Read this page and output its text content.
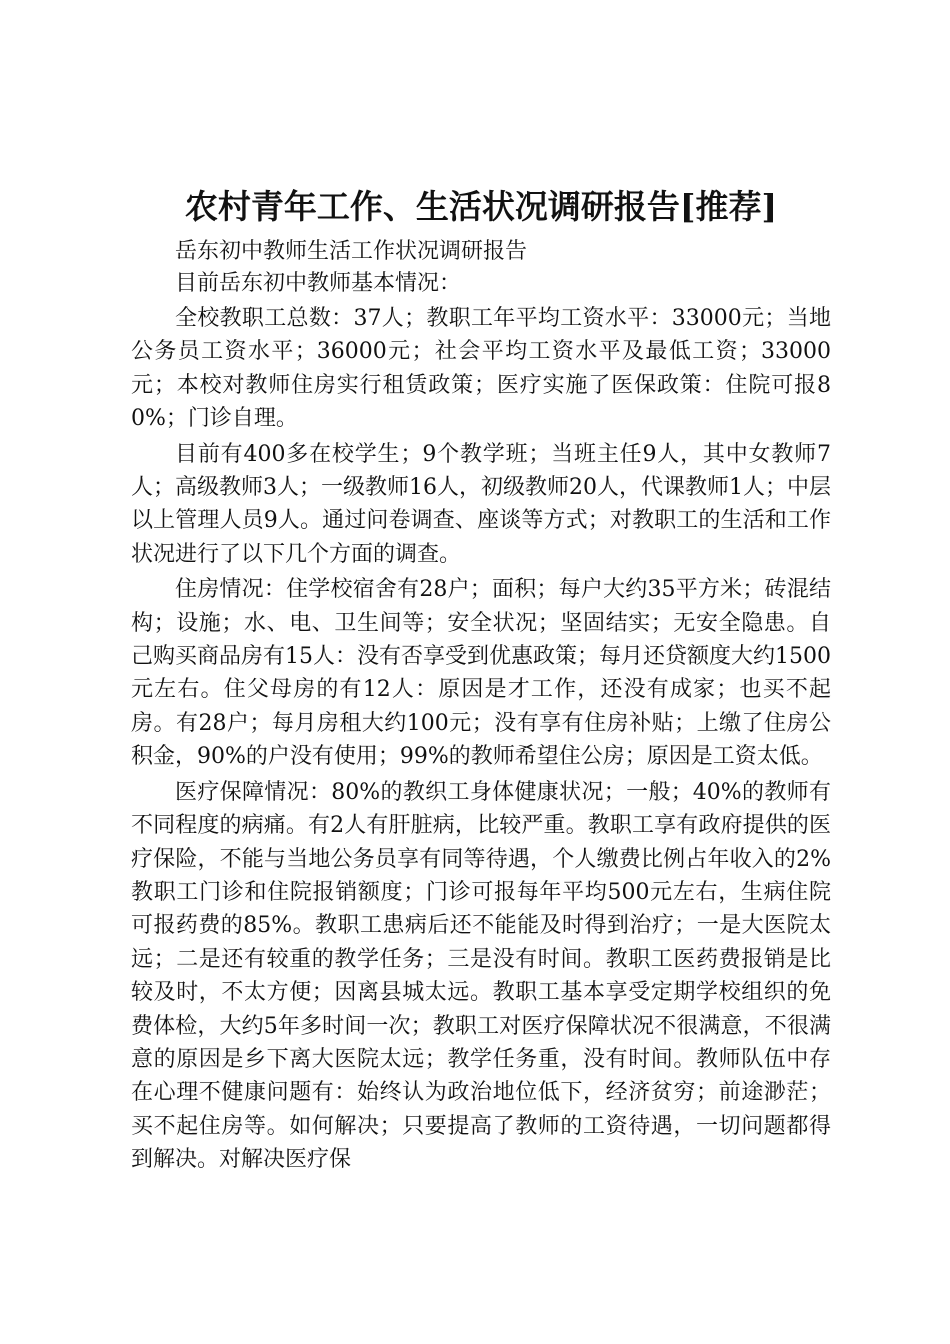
农村青年工作、生活状况调研报告[推荐]

岳东初中教师生活工作状况调研报告

目前岳东初中教师基本情况：

全校教职工总数：37人；教职工年平均工资水平：33000元；当地公务员工资水平；36000元；社会平均工资水平及最低工资；33000元；本校对教师住房实行租赁政策；医疗实施了医保政策：住院可报80%；门诊自理。

目前有400多在校学生；9个教学班；当班主任9人，其中女教师7人；高级教师3人；一级教师16人，初级教师20人，代课教师1人；中层以上管理人员9人。通过问卷调查、座谈等方式；对教职工的生活和工作状况进行了以下几个方面的调查。

住房情况：住学校宿舍有28户；面积；每户大约35平方米；砖混结构；设施；水、电、卫生间等；安全状况；坚固结实；无安全隐患。自己购买商品房有15人：没有否享受到优惠政策；每月还贷额度大约1500元左右。住父母房的有12人：原因是才工作，还没有成家；也买不起房。有28户；每月房租大约100元；没有享有住房补贴；上缴了住房公积金，90%的户没有使用；99%的教师希望住公房；原因是工资太低。

医疗保障情况：80%的教织工身体健康状况；一般；40%的教师有不同程度的病痛。有2人有肝脏病，比较严重。教职工享有政府提供的医疗保险，不能与当地公务员享有同等待遇，个人缴费比例占年收入的2%教职工门诊和住院报销额度；门诊可报每年平均500元左右，生病住院可报药费的85%。教职工患病后还不能能及时得到治疗；一是大医院太远；二是还有较重的教学任务；三是没有时间。教职工医药费报销是比较及时，不太方便；因离县城太远。教职工基本享受定期学校组织的免费体检，大约5年多时间一次；教职工对医疗保障状况不很满意，不很满意的原因是乡下离大医院太远；教学任务重，没有时间。教师队伍中存在心理不健康问题有：始终认为政治地位低下，经济贫穷；前途渺茫；买不起住房等。如何解决；只要提高了教师的工资待遇，一切问题都得到解决。对解决医疗保
